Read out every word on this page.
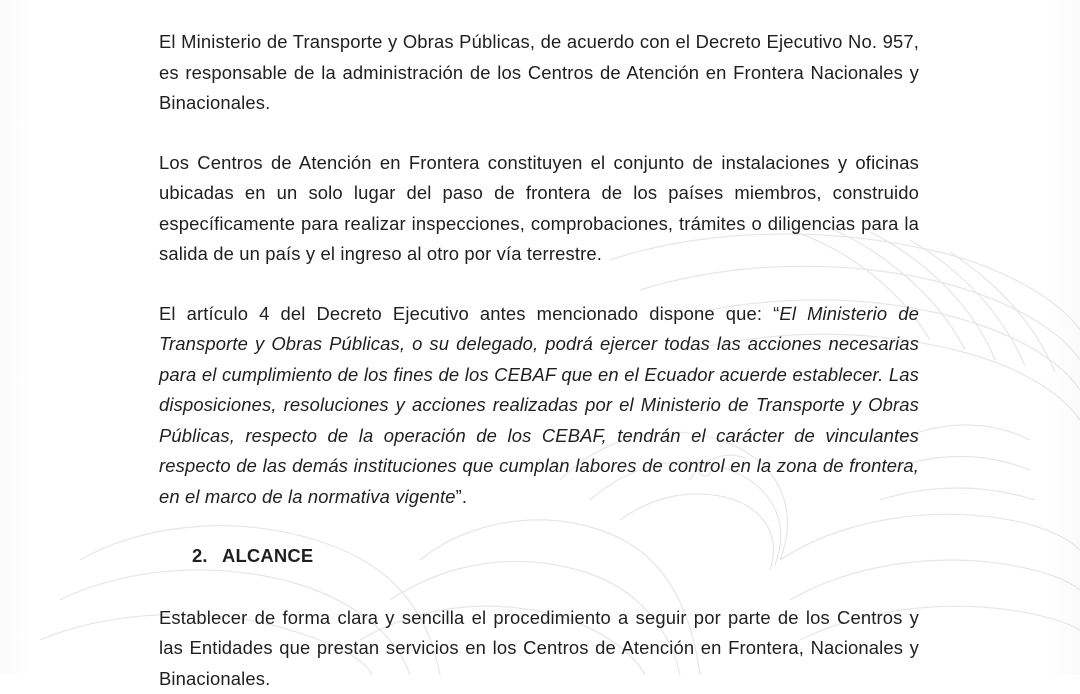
El Ministerio de Transporte y Obras Públicas, de acuerdo con el Decreto Ejecutivo No. 957, es responsable de la administración de los Centros de Atención en Frontera Nacionales y Binacionales.

Los Centros de Atención en Frontera constituyen el conjunto de instalaciones y oficinas ubicadas en un solo lugar del paso de frontera de los países miembros, construido específicamente para realizar inspecciones, comprobaciones, trámites o diligencias para la salida de un país y el ingreso al otro por vía terrestre.

El artículo 4 del Decreto Ejecutivo antes mencionado dispone que: “El Ministerio de Transporte y Obras Públicas, o su delegado, podrá ejercer todas las acciones necesarias para el cumplimiento de los fines de los CEBAF que en el Ecuador acuerde establecer. Las disposiciones, resoluciones y acciones realizadas por el Ministerio de Transporte y Obras Públicas, respecto de la operación de los CEBAF, tendrán el carácter de vinculantes respecto de las demás instituciones que cumplan labores de control en la zona de frontera, en el marco de la normativa vigente”.

2. ALCANCE

Establecer de forma clara y sencilla el procedimiento a seguir por parte de los Centros y las Entidades que prestan servicios en los Centros de Atención en Frontera, Nacionales y Binacionales.
